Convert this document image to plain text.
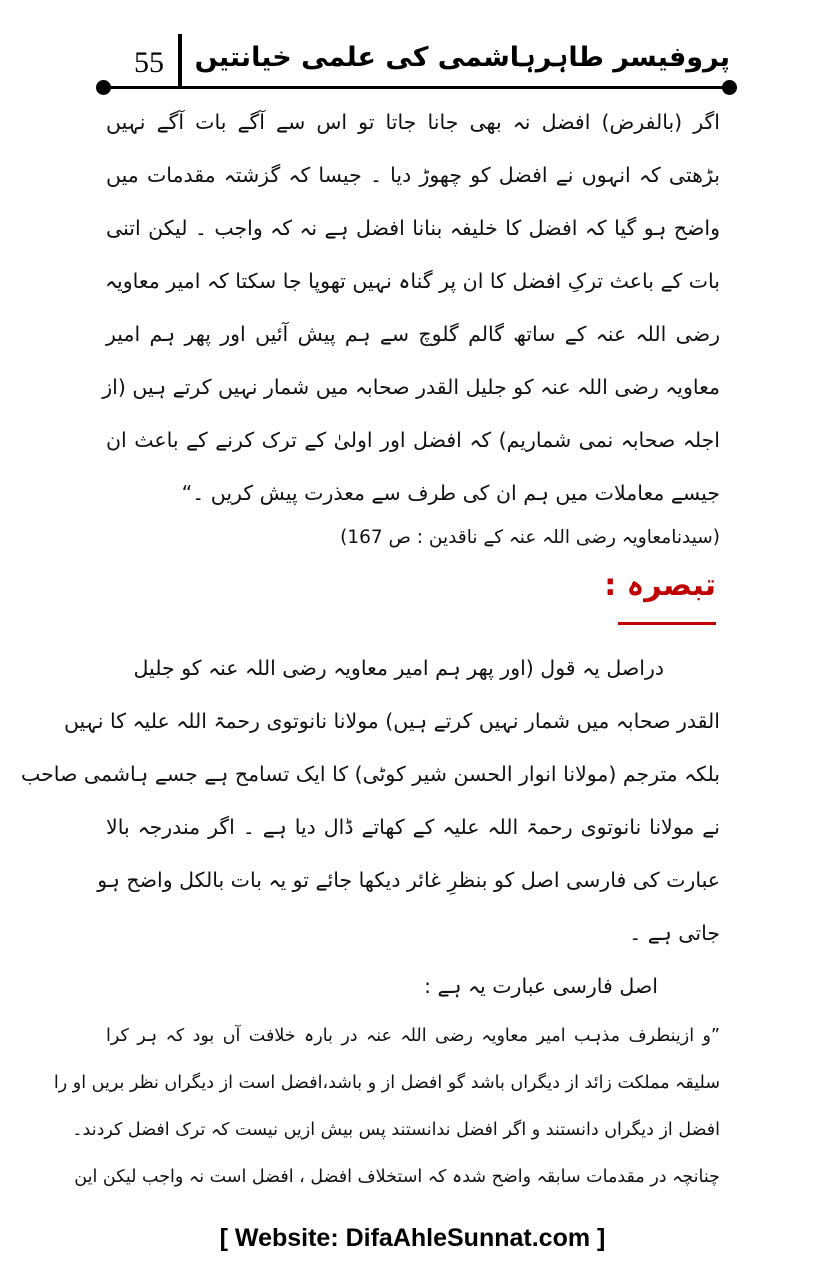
55 پروفیسر طاہرہاشمی کی علمی خیانتیں
اگر (بالفرض) افضل نہ بھی جانا جاتا تو اس سے آگے بات آگے نہیں
بڑھتی کہ انہوں نے افضل کو چھوڑ دیا ۔ جیسا کہ گزشتہ مقدمات میں
واضح ہو گیا کہ افضل کا خلیفہ بنانا افضل ہے نہ کہ واجب ۔ لیکن اتنی
بات کے باعث ترکِ افضل کا ان پر گناہ نہیں تھوپا جا سکتا کہ امیر معاویہ
رضی اللہ عنہ کے ساتھ گالم گلوچ سے ہم پیش آئیں اور پھر ہم امیر
معاویہ رضی اللہ عنہ کو جلیل القدر صحابہ میں شمار نہیں کرتے ہیں (از
اجلہ صحابہ نمی شماریم) کہ افضل اور اولیٰ کے ترک کرنے کے باعث ان
جیسے معاملات میں ہم ان کی طرف سے معذرت پیش کریں ۔“
(سیدنامعاویہ رضی اللہ عنہ کے ناقدین : ص 167)
تبصرہ :
دراصل یہ قول (اور پھر ہم امیر معاویہ رضی اللہ عنہ کو جلیل
القدر صحابہ میں شمار نہیں کرتے ہیں) مولانا نانوتوی رحمۃ اللہ علیہ کا نہیں
بلکہ مترجم (مولانا انوار الحسن شیر کوٹی) کا ایک تسامح ہے جسے ہاشمی صاحب
نے مولانا نانوتوی رحمۃ اللہ علیہ کے کھاتے ڈال دیا ہے ۔ اگر مندرجہ بالا
عبارت کی فارسی اصل کو بنظرِ غائر دیکھا جائے تو یہ بات بالکل واضح ہو
جاتی ہے ۔
اصل فارسی عبارت یہ ہے :
”و ازینطرف مذہب امیر معاویہ رضی اللہ عنہ در بارہ خلافت آں بود کہ ہر کرا
سلیقہ مملکت زائد از دیگراں باشد گو افضل از و باشد،افضل است از دیگراں نظر بریں او را
افضل از دیگراں دانستند و اگر افضل ندانستند پس بیش ازیں نیست کہ ترک افضل کردند۔
چنانچہ در مقدمات سابقہ واضح شدہ کہ استخلاف افضل ، افضل است نہ واجب لیکن این
[ Website: DifaAhleSunnat.com ]
